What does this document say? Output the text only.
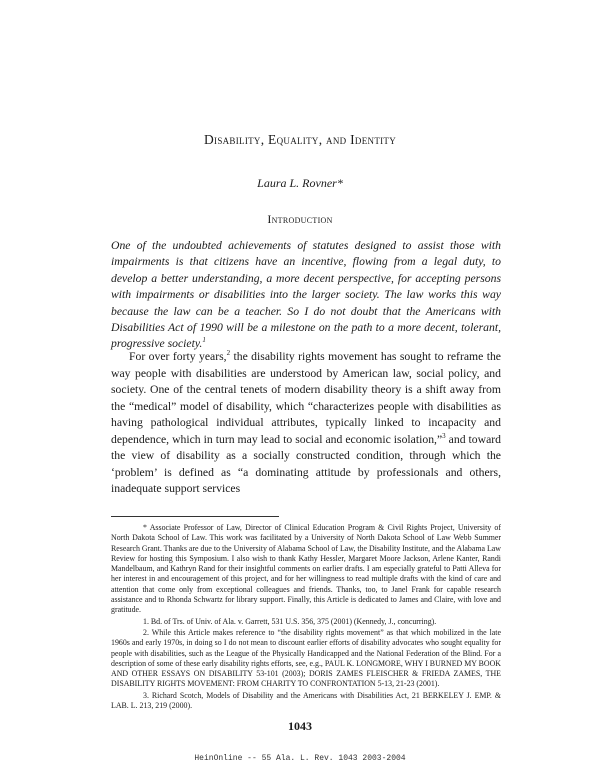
Disability, Equality, and Identity
Laura L. Rovner*
Introduction
One of the undoubted achievements of statutes designed to assist those with impairments is that citizens have an incentive, flowing from a legal duty, to develop a better understanding, a more decent perspective, for accepting persons with impairments or disabilities into the larger society. The law works this way because the law can be a teacher. So I do not doubt that the Americans with Disabilities Act of 1990 will be a milestone on the path to a more decent, tolerant, progressive society.$^1$

For over forty years,$^2$ the disability rights movement has sought to reframe the way people with disabilities are understood by American law, social policy, and society. One of the central tenets of modern disability theory is a shift away from the “medical” model of disability, which “characterizes people with disabilities as having pathological individual attributes, typically linked to incapacity and dependence, which in turn may lead to social and economic isolation,”$^3$ and toward the view of disability as a socially constructed condition, through which the ‘problem’ is defined as “a dominating attitude by professionals and others, inadequate support services

* Associate Professor of Law, Director of Clinical Education Program & Civil Rights Project, University of North Dakota School of Law. This work was facilitated by a University of North Dakota School of Law Webb Summer Research Grant. Thanks are due to the University of Alabama School of Law, the Disability Institute, and the Alabama Law Review for hosting this Symposium. I also wish to thank Kathy Hessler, Margaret Moore Jackson, Arlene Kanter, Randi Mandelbaum, and Kathryn Rand for their insightful comments on earlier drafts. I am especially grateful to Patti Alleva for her interest in and encouragement of this project, and for her willingness to read multiple drafts with the kind of care and attention that come only from exceptional colleagues and friends. Thanks, too, to Janel Frank for capable research assistance and to Rhonda Schwartz for library support. Finally, this Article is dedicated to James and Claire, with love and gratitude.

1. Bd. of Trs. of Univ. of Ala. v. Garrett, 531 U.S. 356, 375 (2001) (Kennedy, J., concurring).

2. While this Article makes reference to “the disability rights movement” as that which mobilized in the late 1960s and early 1970s, in doing so I do not mean to discount earlier efforts of disability advocates who sought equality for people with disabilities, such as the League of the Physically Handicapped and the National Federation of the Blind. For a description of some of these early disability rights efforts, see, e.g., PAUL K. LONGMORE, WHY I BURNED MY BOOK AND OTHER ESSAYS ON DISABILITY 53-101 (2003); DORIS ZAMES FLEISCHER & FRIEDA ZAMES, THE DISABILITY RIGHTS MOVEMENT: FROM CHARITY TO CONFRONTATION 5-13, 21-23 (2001).

3. Richard Scotch, Models of Disability and the Americans with Disabilities Act, 21 BERKELEY J. EMP. & LAB. L. 213, 219 (2000).

1043
HeinOnline -- 55 Ala. L. Rev. 1043 2003-2004
